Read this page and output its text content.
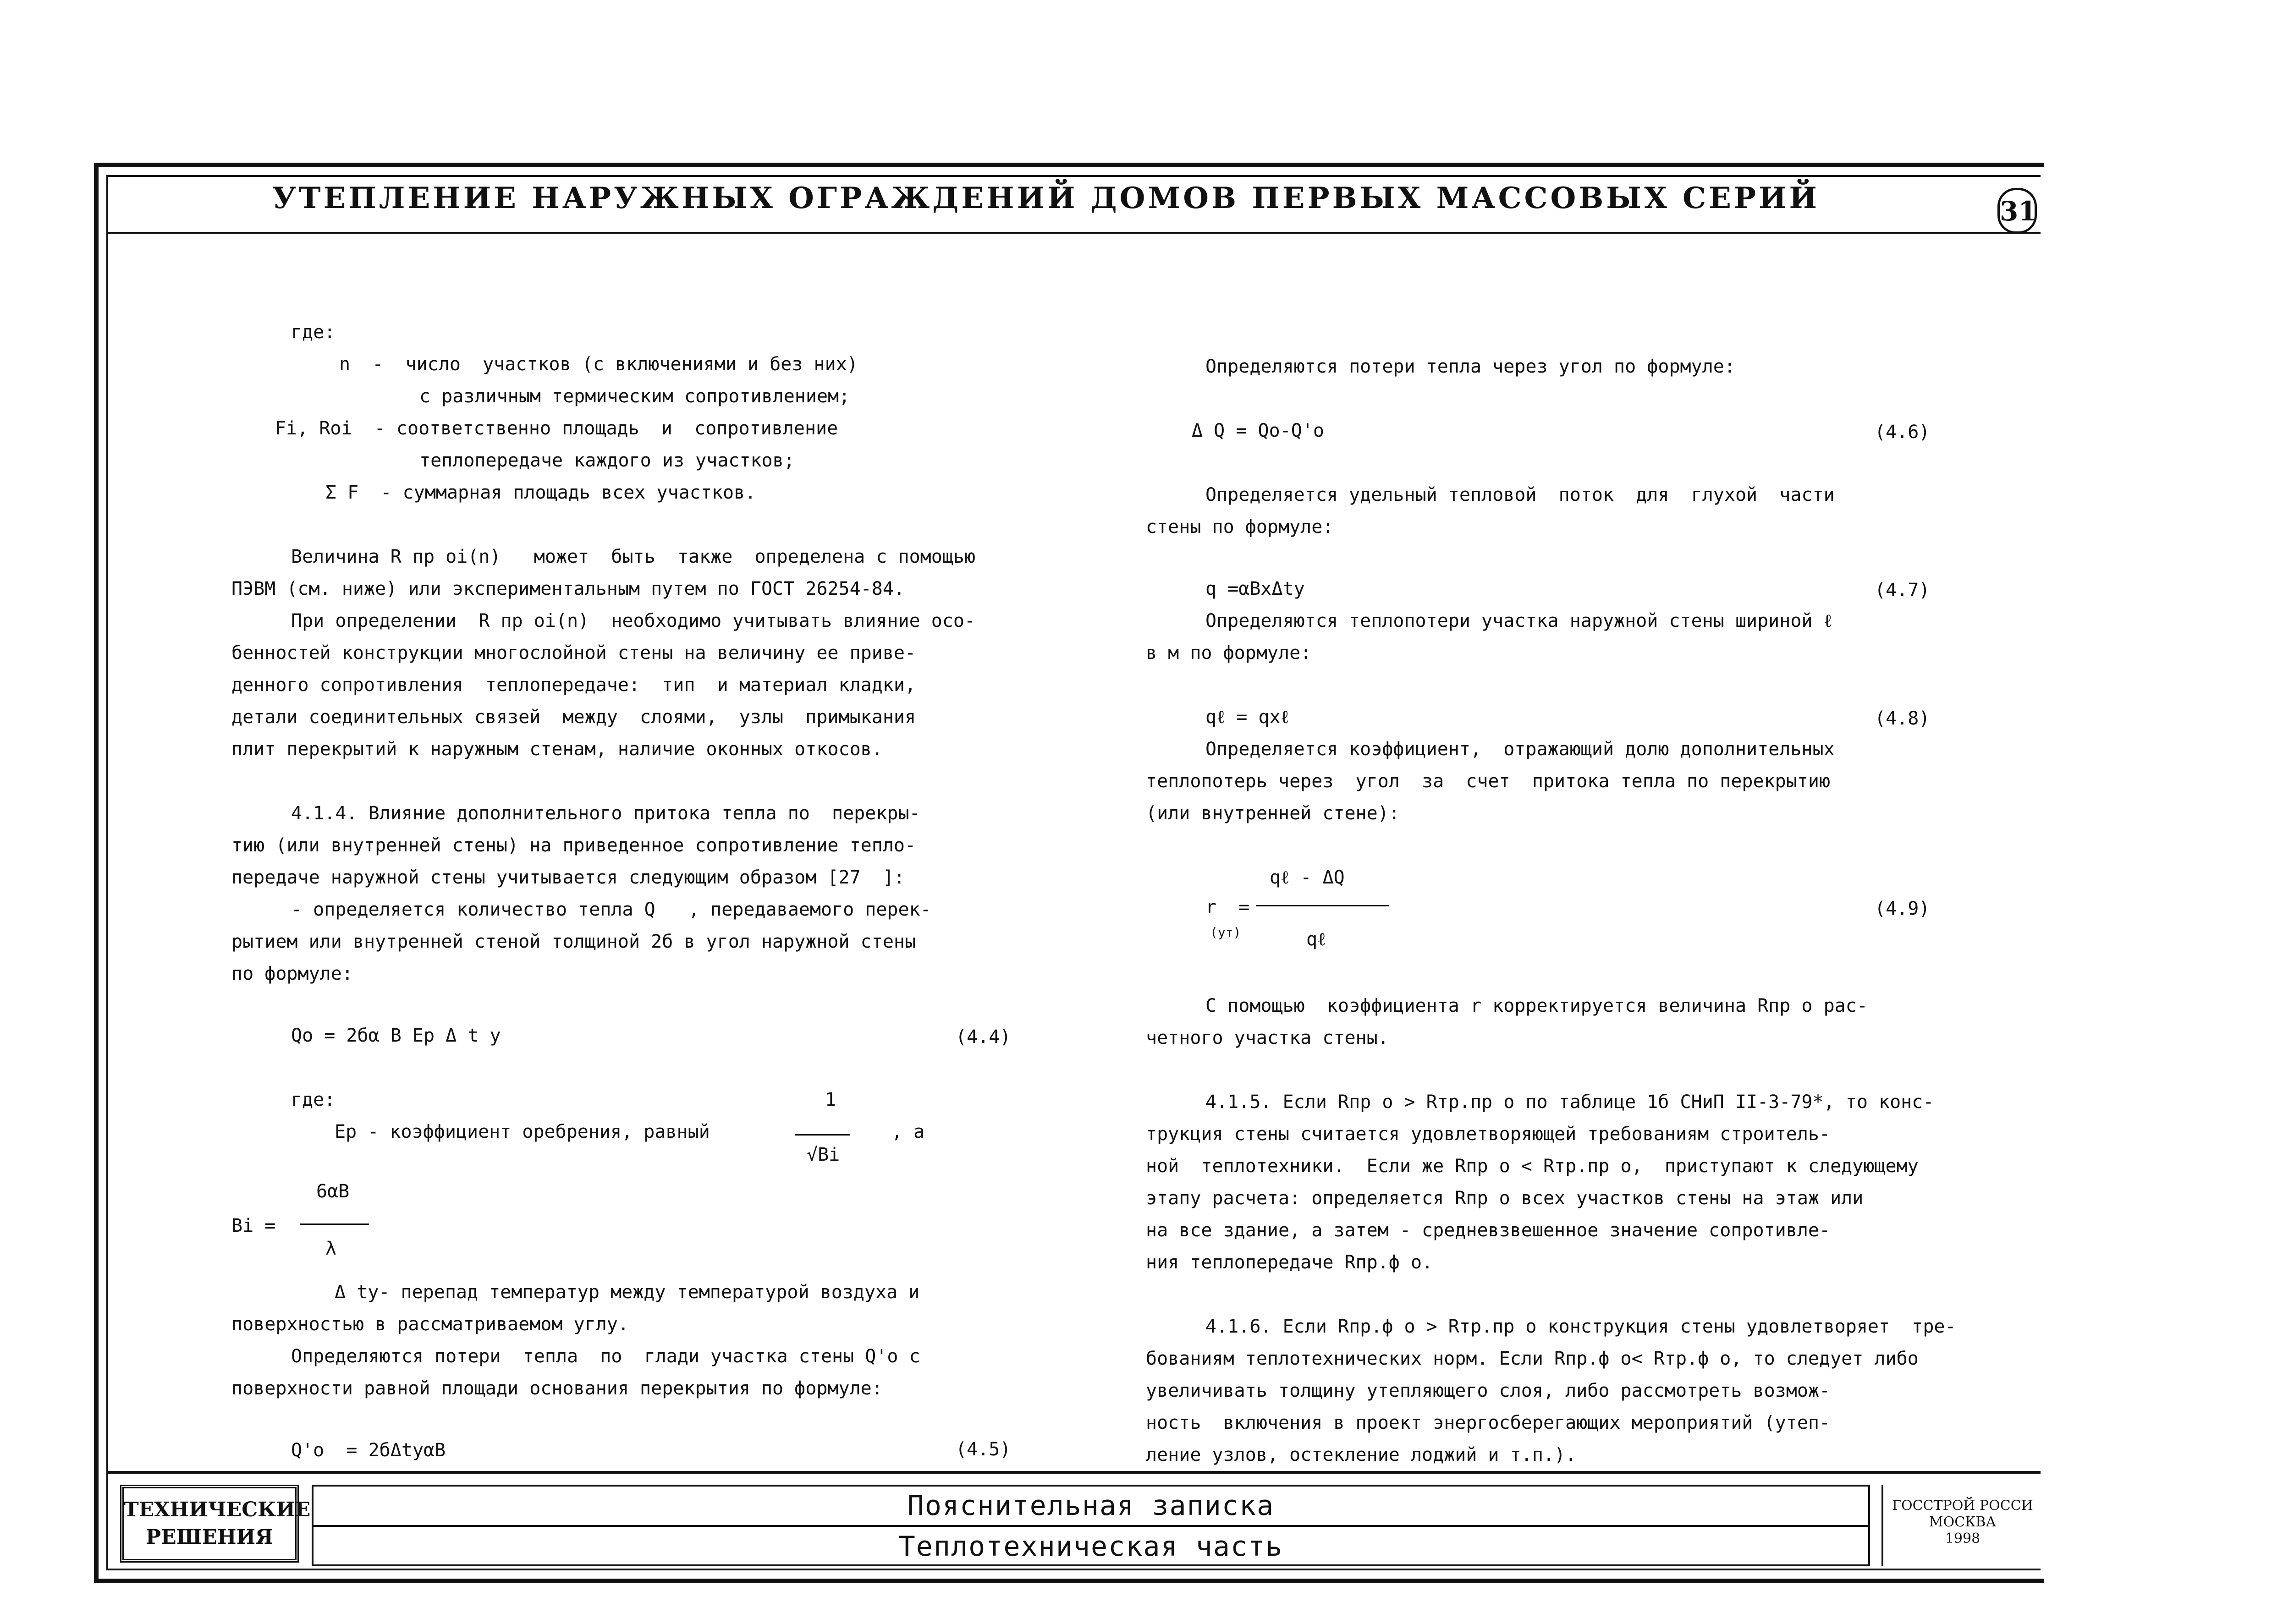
УТЕПЛЕНИЕ НАРУЖНЫХ ОГРАЖДЕНИЙ ДОМОВ ПЕРВЫХ МАССОВЫХ СЕРИЙ	31
где:
n  -  число  участков (с включениями и без них)
с различным термическим сопротивлением;
Fi, Roi  - соответственно площадь  и  сопротивление
теплопередаче каждого из участков;
Σ F  - суммарная площадь всех участков.
Величина R пр oi(n)   может  быть  также  определена с помощью
ПЭВМ (см. ниже) или экспериментальным путем по ГОСТ 26254-84.
При определении  R пр oi(n)  необходимо учитывать влияние осо-
бенностей конструкции многослойной стены на величину ее приве-
денного сопротивления  теплопередаче:  тип  и материал кладки,
детали соединительных связей  между  слоями,  узлы  примыкания
плит перекрытий к наружным стенам, наличие оконных откосов.
4.1.4. Влияние дополнительного притока тепла по  перекры-
тию (или внутренней стены) на приведенное сопротивление тепло-
передаче наружной стены учитывается следующим образом [27  ]:
- определяется количество тепла Q   , передаваемого перек-
рытием или внутренней стеной толщиной 2б в угол наружной стены
по формуле:
Qo = 2бα B Ep Δ t у	(4.4)
где:
Ep - коэффициент оребрения, равный
1
√Bi
, а
6αB
Bi =
λ
Δ tу- перепад температур между температурой воздуха и
поверхностью в рассматриваемом углу.
Определяются потери  тепла  по  глади участка стены Q'o с
поверхности равной площади основания перекрытия по формуле:
Q'o  = 2бΔtуαB	(4.5)
Определяются потери тепла через угол по формуле:
Δ Q = Qo-Q'o	(4.6)
Определяется удельный тепловой  поток  для  глухой  части
стены по формуле:
q =αBxΔtу	(4.7)
Определяются теплопотери участка наружной стены шириной ℓ
в м по формуле:
qℓ = qxℓ	(4.8)
Определяется коэффициент,  отражающий долю дополнительных
теплопотерь через  угол  за  счет  притока тепла по перекрытию
(или внутренней стене):
qℓ - ΔQ
r  =
(ут)	qℓ
(4.9)
С помощью  коэффициента r корректируется величина Rпр o рас-
четного участка стены.
4.1.5. Если Rпр o > Rтр.пр o по таблице 1б СНиП II-3-79*, то конс-
трукция стены считается удовлетворяющей требованиям строитель-
ной  теплотехники.  Если же Rпр o < Rтр.пр o,  приступают к следующему
этапу расчета: определяется Rпр o всех участков стены на этаж или
на все здание, а затем - средневзвешенное значение сопротивле-
ния теплопередаче Rпр.ф o.
4.1.6. Если Rпр.ф o > Rтр.пр o конструкция стены удовлетворяет  тре-
бованиям теплотехнических норм. Если Rпр.ф o< Rтр.ф o, то следует либо
увеличивать толщину утепляющего слоя, либо рассмотреть возмож-
ность  включения в проект энергосберегающих мероприятий (утеп-
ление узлов, остекление лоджий и т.п.).
ТЕХНИЧЕСКИЕ
РЕШЕНИЯ
Пояснительная записка
Теплотехническая часть
ГОССТРОЙ РОССИ
МОСКВА
1998
